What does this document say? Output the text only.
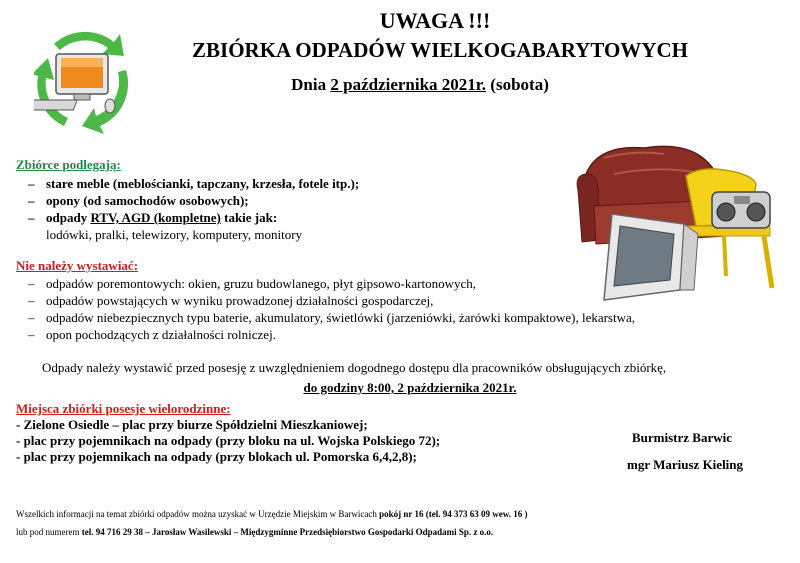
UWAGA !!!
ZBIÓRKA ODPADÓW WIELKOGABARYTOWYCH
Dnia 2 października 2021r. (sobota)
Zbiórce podlegają:
– stare meble (meblościanki, tapczany, krzesła, fotele itp.);
– opony (od samochodów osobowych);
– odpady RTV, AGD (kompletne) takie jak:
lodówki, pralki, telewizory, komputery, monitory
Nie należy wystawiać:
– odpadów poremontowych: okien, gruzu budowlanego, płyt gipsowo-kartonowych,
– odpadów powstających w wyniku prowadzonej działalności gospodarczej,
– odpadów niebezpiecznych typu baterie, akumulatory, świetlówki (jarzeniówki, żarówki kompaktowe), lekarstwa,
– opon pochodzących z działalności rolniczej.
Odpady należy wystawić przed posesję z uwzględnieniem dogodnego dostępu dla pracowników obsługujących zbiórkę,
do godziny 8:00, 2 października 2021r.
Miejsca zbiórki posesje wielorodzinne:
- Zielone Osiedle – plac przy biurze Spółdzielni Mieszkaniowej;
- plac przy pojemnikach na odpady (przy bloku na ul. Wojska Polskiego 72);
- plac przy pojemnikach na odpady (przy blokach ul. Pomorska 6,4,2,8);
Burmistrz Barwic
mgr Mariusz Kieling
Wszelkich informacji na temat zbiórki odpadów można uzyskać w Urzędzie Miejskim w Barwicach pokój nr 16 (tel. 94 373 63 09 wew. 16 )
lub pod numerem tel. 94 716 29 38 – Jarosław Wasilewski – Międzygminne Przedsiębiorstwo Gospodarki Odpadami Sp. z o.o.
